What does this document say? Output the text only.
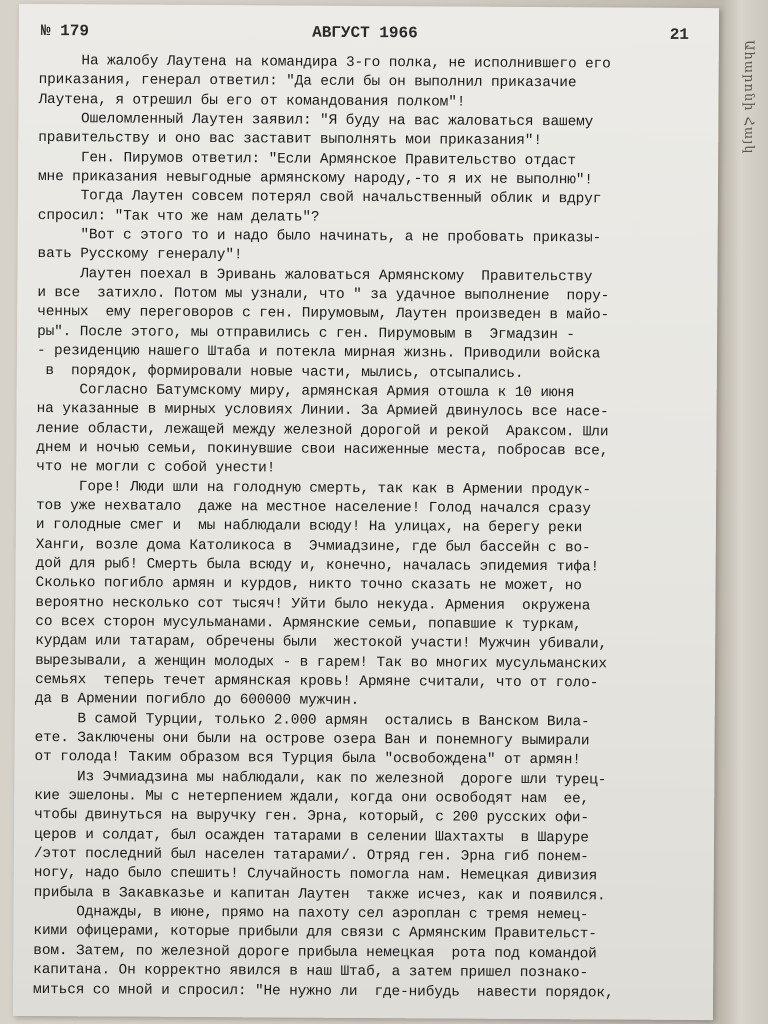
Ահարոնի Հայկ
№ 179	АВГУСТ 1966	21
На жалобу Лаутена на командира 3-го полка, не исполнившего его
приказания, генерал ответил: "Да если бы он выполнил приказачие
Лаутена, я отрешил бы его от командования полком"!
Ошеломленный Лаутен заявил: "Я буду на вас жаловаться вашему
правительству и оно вас заставит выполнять мои приказания"!
Ген. Пирумов ответил: "Если Армянское Правительство отдаст
мне приказания невыгодные армянскому народу,-то я их не выполню"!
Тогда Лаутен совсем потерял свой начальственный облик и вдруг
спросил: "Так что же нам делать"?
"Вот с этого то и надо было начинать, а не пробовать приказы-
вать Русскому генералу"!
Лаутен поехал в Эривань жаловаться Армянскому  Правительству
и все  затихло. Потом мы узнали, что " за удачное выполнение  пору-
ченных  ему переговоров с ген. Пирумовым, Лаутен произведен в майо-
ры". После этого, мы отправились с ген. Пирумовым в  Эгмадзин -
- резиденцию нашего Штаба и потекла мирная жизнь. Приводили войска
в  порядок, формировали новые части, мылись, отсыпались.
Согласно Батумскому миру, армянская Армия отошла к 10 июня
на указанные в мирных условиях Линии. За Армией двинулось все насе-
ление области, лежащей между железной дорогой и рекой  Араксом. Шли
днем и ночью семьи, покинувшие свои насиженные места, побросав все,
что не могли с собой унести!
Горе! Люди шли на голодную смерть, так как в Армении продук-
тов уже нехватало  даже на местное население! Голод начался сразу
и голодные смег и  мы наблюдали всюду! На улицах, на берегу реки
Ханги, возле дома Католикоса в  Эчмиадзине, где был бассейн с во-
дой для рыб! Смерть была всюду и, конечно, началась эпидемия тифа!
Сколько погибло армян и курдов, никто точно сказать не может, но
вероятно несколько сот тысяч! Уйти было некуда. Армения  окружена
со всех сторон мусульманами. Армянские семьи, попавшие к туркам,
курдам или татарам, обречены были  жестокой участи! Мужчин убивали,
вырезывали, а женщин молодых - в гарем! Так во многих мусульманских
семьях  теперь течет армянская кровь! Армяне считали, что от голо-
да в Армении погибло до 600000 мужчин.
В самой Турции, только 2.000 армян  остались в Ванском Вила-
ете. Заключены они были на острове озера Ван и понемногу вымирали
от голода! Таким образом вся Турция была "освобождена" от армян!
Из Эчмиадзина мы наблюдали, как по железной  дороге шли турец-
кие эшелоны. Мы с нетерпением ждали, когда они освободят нам  ее,
чтобы двинуться на выручку ген. Эрна, который, с 200 русских офи-
церов и солдат, был осажден татарами в селении Шахтахты  в Шаруре
/этот последний был населен татарами/. Отряд ген. Эрна гиб понем-
ногу, надо было спешить! Случайность помогла нам. Немецкая дивизия
прибыла в Закавказье и капитан Лаутен  также исчез, как и появился.
Однажды, в июне, прямо на пахоту сел аэроплан с тремя немец-
кими офицерами, которые прибыли для связи с Армянским Правительст-
вом. Затем, по железной дороге прибыла немецкая  рота под командой
капитана. Он корректно явился в наш Штаб, а затем пришел познако-
миться со мной и спросил: "Не нужно ли  где-нибудь  навести порядок,
